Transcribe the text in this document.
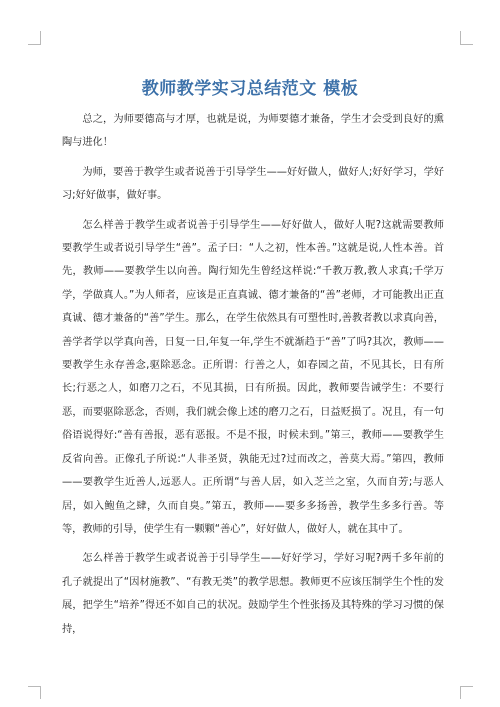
教师教学实习总结范文 模板

总之，为师要德高与才厚，也就是说，为师要德才兼备，学生才会受到良好的熏陶与进化！

为师，要善于教学生或者说善于引导学生——好好做人，做好人;好好学习，学好习;好好做事，做好事。

怎么样善于教学生或者说善于引导学生——好好做人，做好人呢?这就需要教师要教学生或者说引导学生“善”。孟子曰：“人之初，性本善。”这就是说,人性本善。首先，教师——要教学生以向善。陶行知先生曾经这样说:“千教万教,教人求真;千学万学，学做真人。”为人师者，应该是正直真诚、德才兼备的“善”老师，才可能教出正直真诚、德才兼备的“善”学生。那么，在学生依然具有可塑性时,善教者教以求真向善，善学者学以学真向善，日复一日,年复一年,学生不就渐趋于“善”了吗?其次，教师——要教学生永存善念,驱除恶念。正所谓：行善之人，如春园之苗，不见其长，日有所长;行恶之人，如磨刀之石，不见其损，日有所损。因此，教师要告诫学生：不要行恶，而要驱除恶念，否则，我们就会像上述的磨刀之石，日益贬损了。况且，有一句俗语说得好:“善有善报，恶有恶报。不是不报，时候未到。”第三，教师——要教学生反省向善。正像孔子所说:“人非圣贤，孰能无过?过而改之，善莫大焉。”第四，教师——要教学生近善人,远恶人。正所谓“与善人居，如入芝兰之室，久而自芳;与恶人居，如入鲍鱼之肆，久而自臭。”第五，教师——要多多扬善，教学生多多行善。等等，教师的引导，使学生有一颗颗“善心”，好好做人，做好人，就在其中了。

怎么样善于教学生或者说善于引导学生——好好学习，学好习呢?两千多年前的孔子就提出了“因材施教”、“有教无类”的教学思想。教师更不应该压制学生个性的发展，把学生“培养”得还不如自己的状况。鼓励学生个性张扬及其特殊的学习习惯的保持，
